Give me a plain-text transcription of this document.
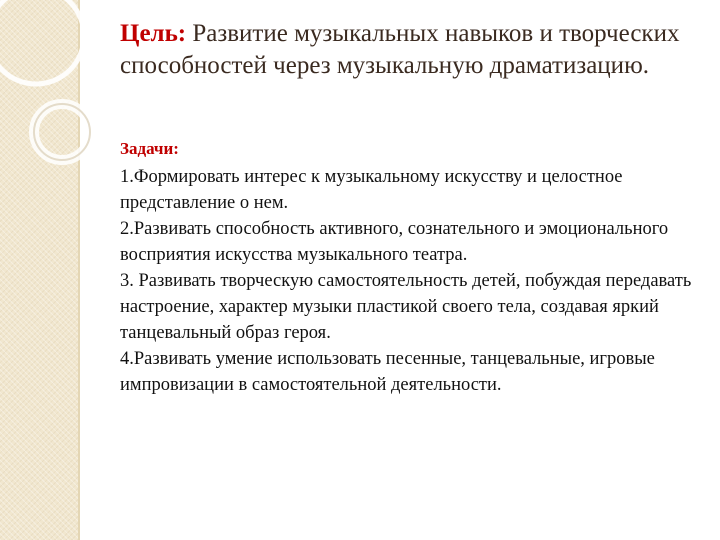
Цель: Развитие музыкальных навыков и творческих способностей через музыкальную драматизацию.
Задачи:

1.Формировать интерес к музыкальному искусству и целостное представление о нем.

2.Развивать способность активного, сознательного и эмоционального восприятия искусства музыкального театра.

3. Развивать творческую самостоятельность детей, побуждая передавать настроение, характер музыки пластикой своего тела, создавая яркий танцевальный образ героя.

4.Развивать умение использовать песенные, танцевальные, игровые импровизации в самостоятельной деятельности.
